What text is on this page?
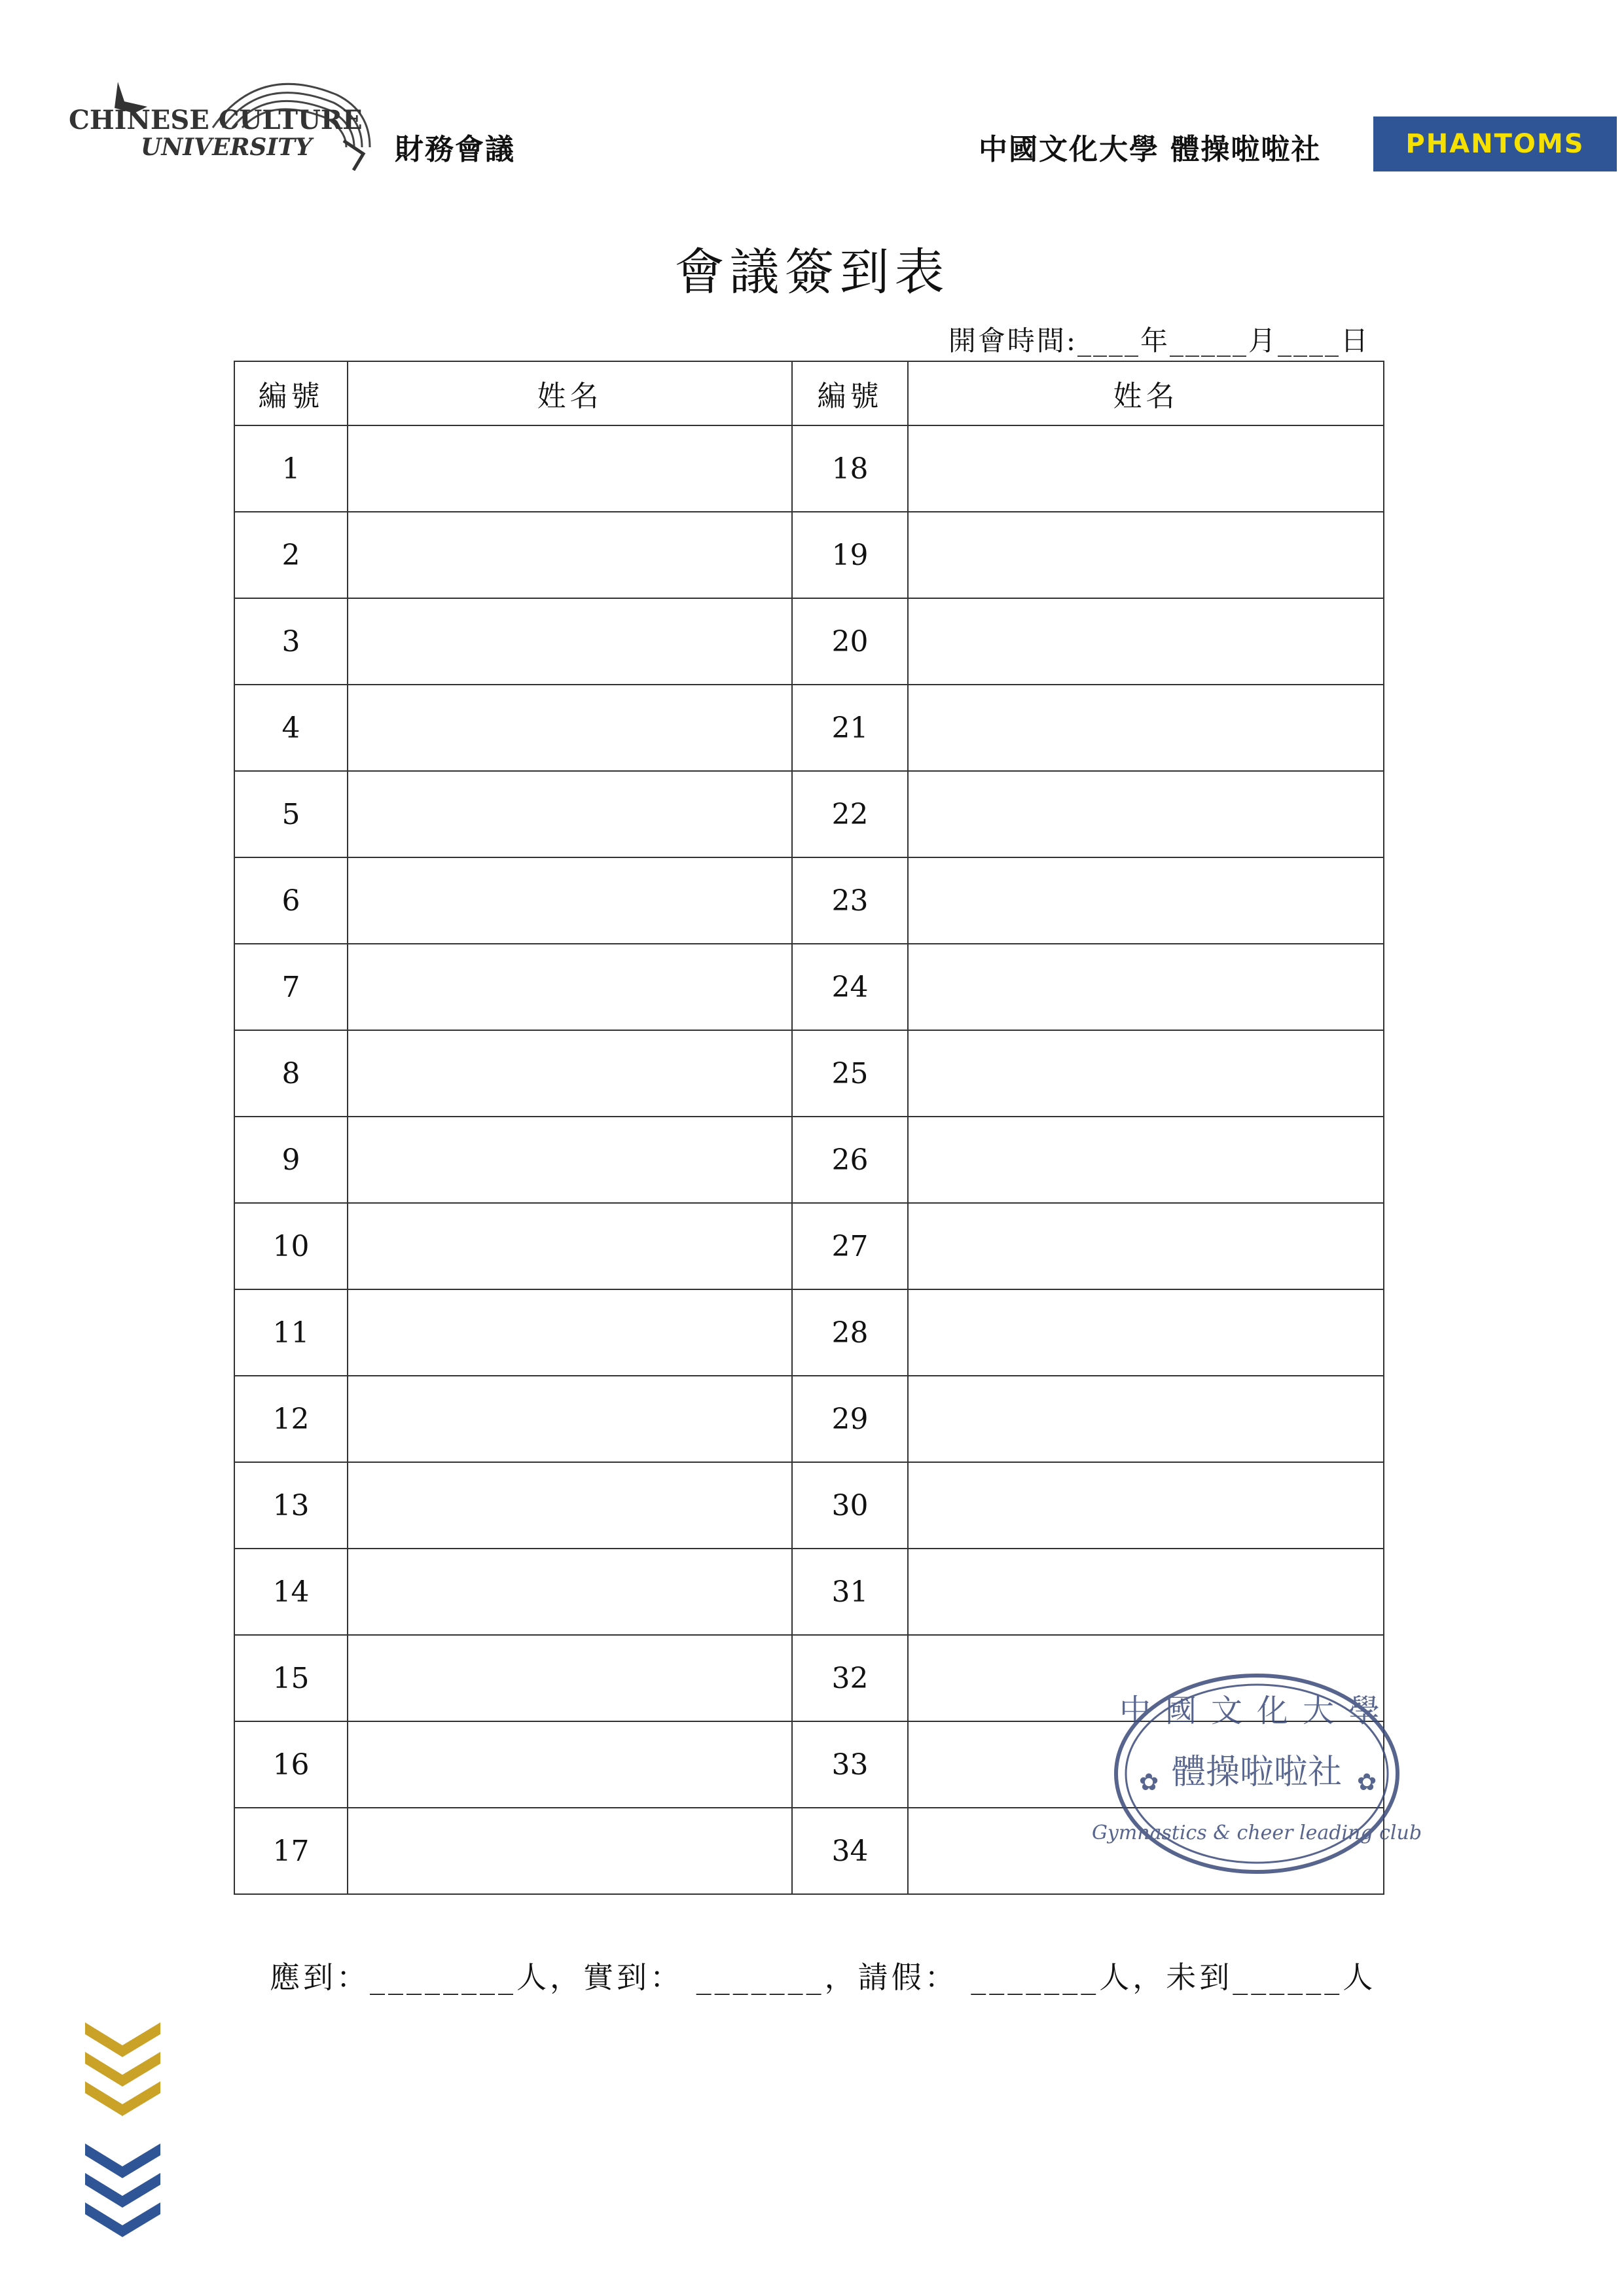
CHINESE CULTURE
UNIVERSITY	財務會議	中國文化大學 體操啦啦社	PHANTOMS
會議簽到表
開會時間:____年_____月____日
編號	姓名	編號	姓名
1		18	
2		19	
3		20	
4		21	
5		22	
6		23	
7		24	
8		25	
9		26	
10		27	
11		28	
12		29	
13		30	
14		31	
15		32	
16		33	
17		34	
應到：________人，實到： _______，請假： _______人，未到______人
中國文化大學
體操啦啦社
Gymnastics & cheer leading club
✿	✿
